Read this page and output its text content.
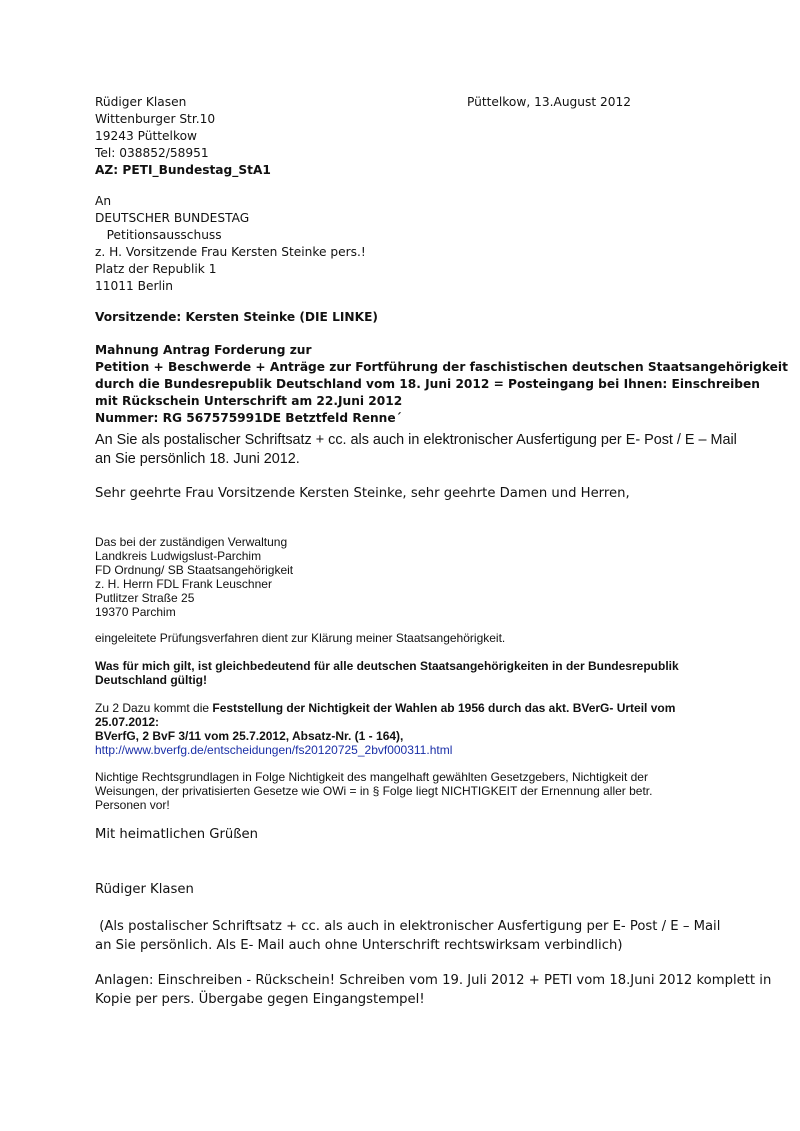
Rüdiger Klasen
Wittenburger Str.10
19243 Püttelkow
Tel: 038852/58951
AZ: PETI_Bundestag_StA1
Püttelkow, 13.August 2012
An
DEUTSCHER BUNDESTAG
Petitionsausschuss
z. H. Vorsitzende Frau Kersten Steinke pers.!
Platz der Republik 1
11011 Berlin
Vorsitzende: Kersten Steinke (DIE LINKE)
Mahnung Antrag Forderung zur
Petition + Beschwerde + Anträge zur Fortführung der faschistischen deutschen Staatsangehörigkeit
durch die Bundesrepublik Deutschland vom 18. Juni 2012 = Posteingang bei Ihnen: Einschreiben
mit Rückschein Unterschrift am 22.Juni 2012
Nummer: RG 567575991DE Betztfeld Renne´
An Sie als postalischer Schriftsatz + cc. als auch in elektronischer Ausfertigung per E- Post / E – Mail
an Sie persönlich 18. Juni 2012.
Sehr geehrte Frau Vorsitzende Kersten Steinke, sehr geehrte Damen und Herren,
Das bei der zuständigen Verwaltung
Landkreis Ludwigslust-Parchim
FD Ordnung/ SB Staatsangehörigkeit
z. H. Herrn FDL Frank Leuschner
Putlitzer Straße 25
19370 Parchim
eingeleitete Prüfungsverfahren dient zur Klärung meiner Staatsangehörigkeit.
Was für mich gilt, ist gleichbedeutend für alle deutschen Staatsangehörigkeiten in der Bundesrepublik
Deutschland gültig!
Zu 2 Dazu kommt die Feststellung der Nichtigkeit der Wahlen ab 1956 durch das akt. BVerG- Urteil vom
25.07.2012:
BVerfG, 2 BvF 3/11 vom 25.7.2012, Absatz-Nr. (1 - 164),
http://www.bverfg.de/entscheidungen/fs20120725_2bvf000311.html
Nichtige Rechtsgrundlagen in Folge Nichtigkeit des mangelhaft gewählten Gesetzgebers, Nichtigkeit der
Weisungen, der privatisierten Gesetze wie OWi = in § Folge liegt NICHTIGKEIT der Ernennung aller betr.
Personen vor!
Mit heimatlichen Grüßen
Rüdiger Klasen
(Als postalischer Schriftsatz + cc. als auch in elektronischer Ausfertigung per E- Post / E – Mail
an Sie persönlich. Als E- Mail auch ohne Unterschrift rechtswirksam verbindlich)
Anlagen: Einschreiben - Rückschein! Schreiben vom 19. Juli 2012 + PETI vom 18.Juni 2012 komplett in
Kopie per pers. Übergabe gegen Eingangstempel!
